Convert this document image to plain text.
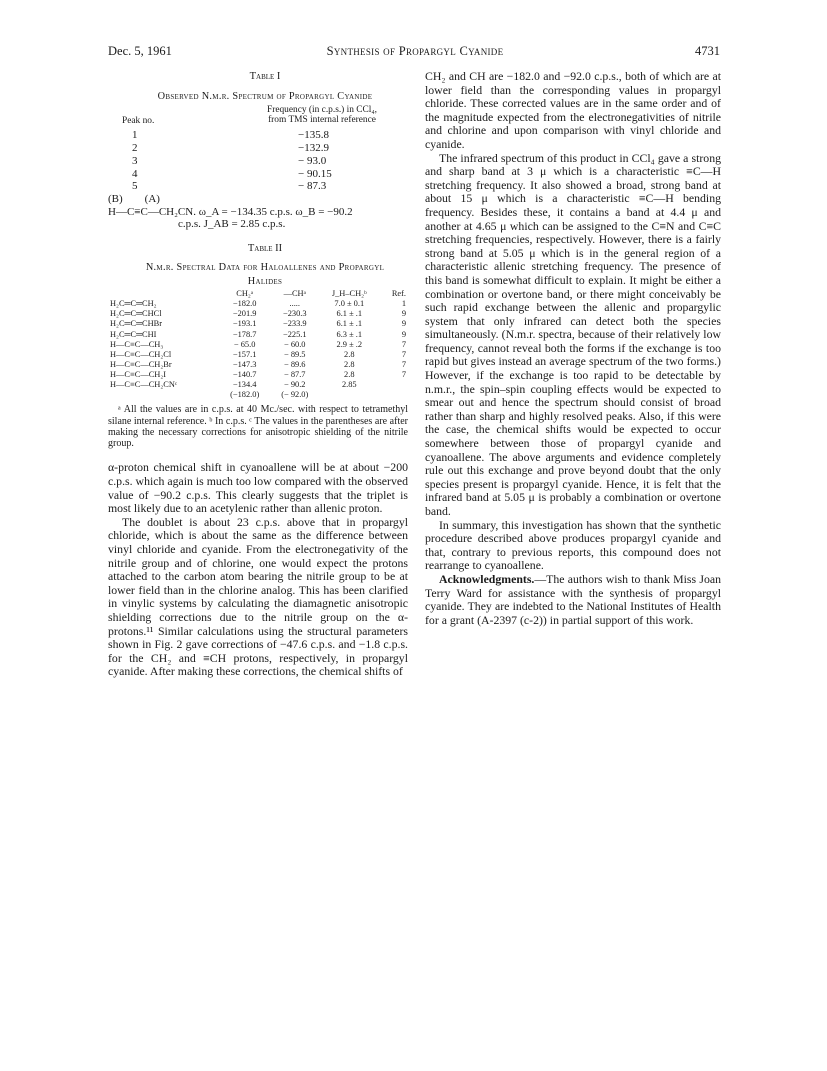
Dec. 5, 1961	Synthesis of Propargyl Cyanide	4731

Table I

Observed N.m.r. Spectrum of Propargyl Cyanide

Peak no.
Frequency (in c.p.s.) in CCl₄,
from TMS internal reference
1	−135.8
2	−132.9
3	− 93.0
4	− 90.15
5	− 87.3
(B) (A)
H—C≡C—CH₂CN. ω_A = −134.35 c.p.s. ω_B = −90.2
c.p.s. J_AB = 2.85 c.p.s.

Table II

N.m.r. Spectral Data for Haloallenes and Propargyl

Halides

	CH₂ᵃ	—CHᵃ	J_H–CH₂ᵇ	Ref.
H₂C═C═CH₂	−182.0	.....	7.0 ± 0.1	1
H₂C═C═CHCl	−201.9	−230.3	6.1 ± .1	9
H₂C═C═CHBr	−193.1	−233.9	6.1 ± .1	9
H₂C═C═CHI	−178.7	−225.1	6.3 ± .1	9
H—C≡C—CH₃	− 65.0	− 60.0	2.9 ± .2	7
H—C≡C—CH₂Cl	−157.1	− 89.5	2.8	7
H—C≡C—CH₂Br	−147.3	− 89.6	2.8	7
H—C≡C—CH₂I	−140.7	− 87.7	2.8	7
H—C≡C—CH₂CNᶜ	−134.4	− 90.2	2.85	
	(−182.0)	(− 92.0)		

ᵃ All the values are in c.p.s. at 40 Mc./sec. with respect to tetramethyl silane internal reference. ᵇ In c.p.s. ᶜ The values in the parentheses are after making the necessary corrections for anisotropic shielding of the nitrile group.

α-proton chemical shift in cyanoallene will be at about −200 c.p.s. which again is much too low compared with the observed value of −90.2 c.p.s. This clearly suggests that the triplet is most likely due to an acetylenic rather than allenic proton.

The doublet is about 23 c.p.s. above that in propargyl chloride, which is about the same as the difference between vinyl chloride and cyanide. From the electronegativity of the nitrile group and of chlorine, one would expect the protons attached to the carbon atom bearing the nitrile group to be at lower field than in the chlorine analog. This has been clarified in vinylic systems by calculating the diamagnetic anisotropic shielding corrections due to the nitrile group on the α-protons.¹¹ Similar calculations using the structural parameters shown in Fig. 2 gave corrections of −47.6 c.p.s. and −1.8 c.p.s. for the CH₂ and ≡CH protons, respectively, in propargyl cyanide. After making these corrections, the chemical shifts of

CH₂ and CH are −182.0 and −92.0 c.p.s., both of which are at lower field than the corresponding values in propargyl chloride. These corrected values are in the same order and of the magnitude expected from the electronegativities of nitrile and chlorine and upon comparison with vinyl chloride and cyanide.

The infrared spectrum of this product in CCl₄ gave a strong and sharp band at 3 μ which is a characteristic ≡C—H stretching frequency. It also showed a broad, strong band at about 15 μ which is a characteristic ≡C—H bending frequency. Besides these, it contains a band at 4.4 μ and another at 4.65 μ which can be assigned to the C≡N and C≡C stretching frequencies, respectively. However, there is a fairly strong band at 5.05 μ which is in the general region of a characteristic allenic stretching frequency. The presence of this band is somewhat difficult to explain. It might be either a combination or overtone band, or there might conceivably be such rapid exchange between the allenic and propargylic system that only infrared can detect both the species simultaneously. (N.m.r. spectra, because of their relatively low frequency, cannot reveal both the forms if the exchange is too rapid but gives instead an average spectrum of the two forms.) However, if the exchange is too rapid to be detectable by n.m.r., the spin–spin coupling effects would be expected to smear out and hence the spectrum should consist of broad rather than sharp and highly resolved peaks. Also, if this were the case, the chemical shifts would be expected to occur somewhere between those of propargyl cyanide and cyanoallene. The above arguments and evidence completely rule out this exchange and prove beyond doubt that the only species present is propargyl cyanide. Hence, it is felt that the infrared band at 5.05 μ is probably a combination or overtone band.

In summary, this investigation has shown that the synthetic procedure described above produces propargyl cyanide and that, contrary to previous reports, this compound does not rearrange to cyanoallene.

Acknowledgments.—The authors wish to thank Miss Joan Terry Ward for assistance with the synthesis of propargyl cyanide. They are indebted to the National Institutes of Health for a grant (A-2397 (c-2)) in partial support of this work.
